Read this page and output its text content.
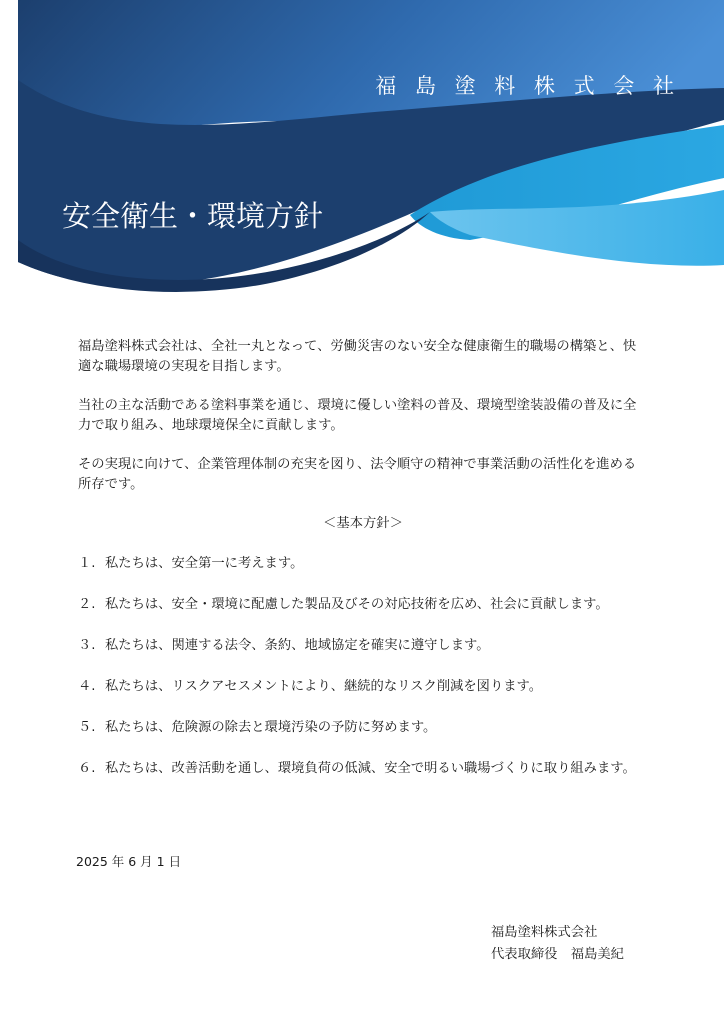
福 島 塗 料 株 式 会 社
安全衛生・環境方針

福島塗料株式会社は、全社一丸となって、労働災害のない安全な健康衛生的職場の構築と、快適な職場環境の実現を目指します。

当社の主な活動である塗料事業を通じ、環境に優しい塗料の普及、環境型塗装設備の普及に全力で取り組み、地球環境保全に貢献します。

その実現に向けて、企業管理体制の充実を図り、法令順守の精神で事業活動の活性化を進める所存です。

＜基本方針＞
１. 私たちは、安全第一に考えます。
２. 私たちは、安全・環境に配慮した製品及びその対応技術を広め、社会に貢献します。
３. 私たちは、関連する法令、条約、地域協定を確実に遵守します。
４. 私たちは、リスクアセスメントにより、継続的なリスク削減を図ります。
５. 私たちは、危険源の除去と環境汚染の予防に努めます。
６. 私たちは、改善活動を通し、環境負荷の低減、安全で明るい職場づくりに取り組みます。
2025 年 6 月 1 日
福島塗料株式会社
代表取締役　福島美紀
